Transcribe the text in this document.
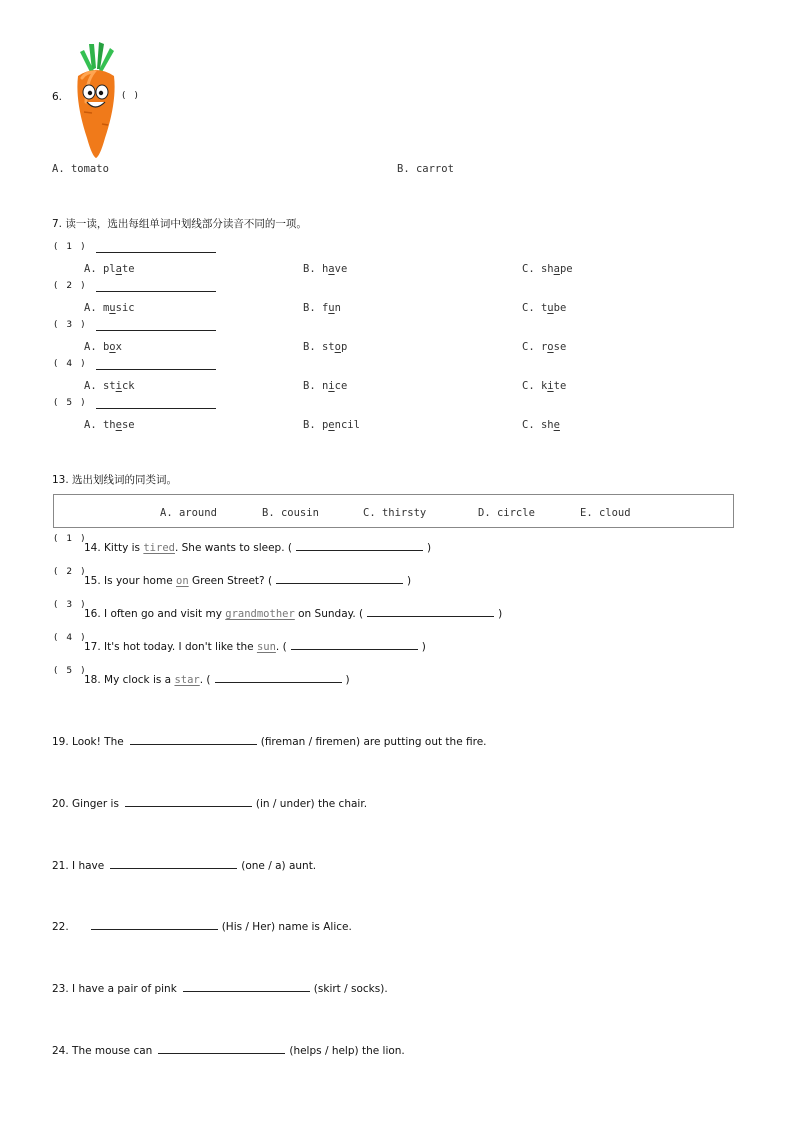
6.	( )
A. tomato	B. carrot
7. 读一读，选出每组单词中划线部分读音不同的一项。
( 1 )
A. plate	B. have	C. shape
( 2 )
A. music	B. fun	C. tube
( 3 )
A. box	B. stop	C. rose
( 4 )
A. stick	B. nice	C. kite
( 5 )
A. these	B. pencil	C. she
13. 选出划线词的同类词。
A. around	B. cousin	C. thirsty	D. circle	E. cloud
( 1 )
14. Kitty is tired. She wants to sleep. (	)
( 2 )
15. Is your home on Green Street? (	)
( 3 )
16. I often go and visit my grandmother on Sunday. (	)
( 4 )
17. It's hot today. I don't like the sun. (	)
( 5 )
18. My clock is a star. (	)
19. Look! The	(fireman / firemen) are putting out the fire.
20. Ginger is	(in / under) the chair.
21. I have	(one / a) aunt.
22.	(His / Her) name is Alice.
23. I have a pair of pink	(skirt / socks).
24. The mouse can	(helps / help) the lion.
